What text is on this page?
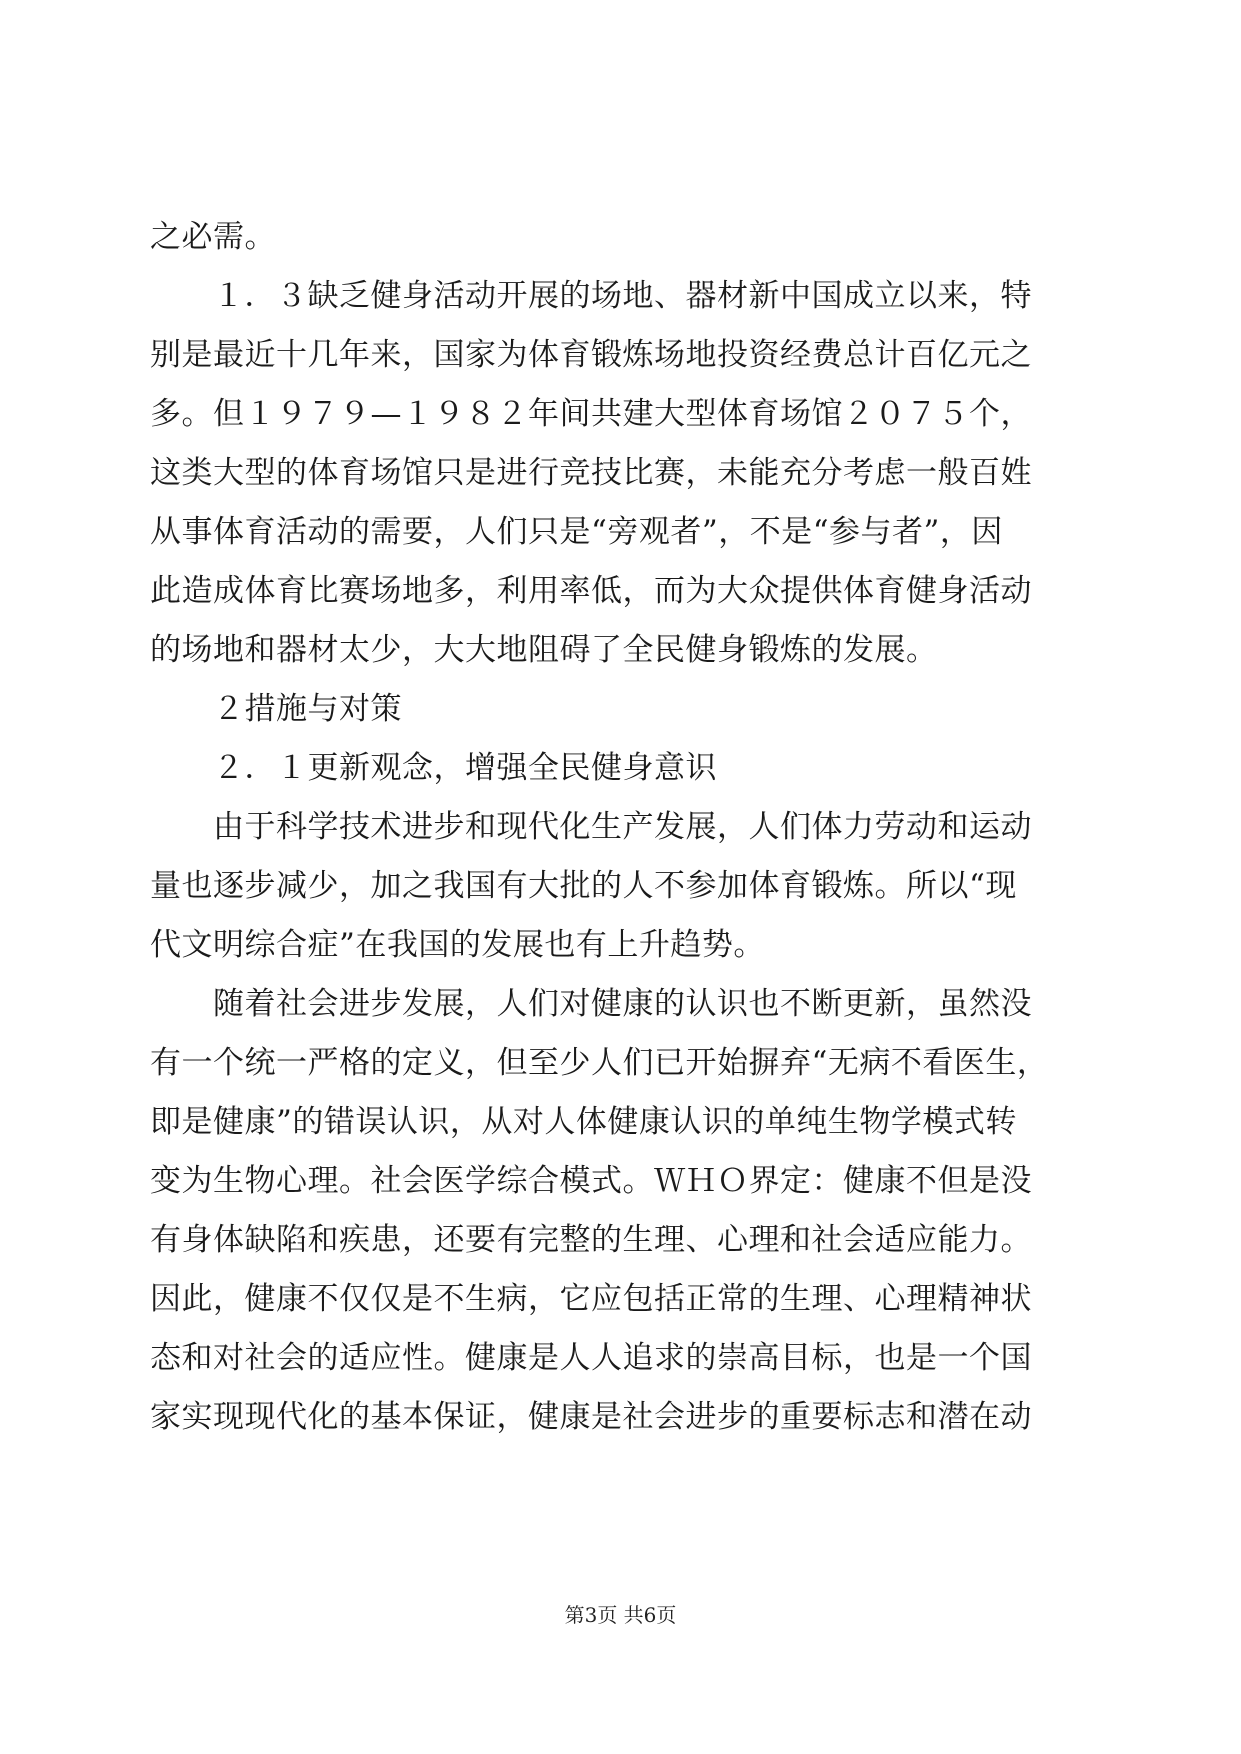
之必需。
　　１．３缺乏健身活动开展的场地、器材新中国成立以来，特
别是最近十几年来，国家为体育锻炼场地投资经费总计百亿元之
多。但１９７９—１９８２年间共建大型体育场馆２０７５个，
这类大型的体育场馆只是进行竞技比赛，未能充分考虑一般百姓
从事体育活动的需要，人们只是“旁观者”，不是“参与者”，因
此造成体育比赛场地多，利用率低，而为大众提供体育健身活动
的场地和器材太少，大大地阻碍了全民健身锻炼的发展。
　　２措施与对策
　　２．１更新观念，增强全民健身意识
　　由于科学技术进步和现代化生产发展，人们体力劳动和运动
量也逐步减少，加之我国有大批的人不参加体育锻炼。所以“现
代文明综合症”在我国的发展也有上升趋势。
　　随着社会进步发展，人们对健康的认识也不断更新，虽然没
有一个统一严格的定义，但至少人们已开始摒弃“无病不看医生，
即是健康”的错误认识，从对人体健康认识的单纯生物学模式转
变为生物心理。社会医学综合模式。ＷＨＯ界定：健康不但是没
有身体缺陷和疾患，还要有完整的生理、心理和社会适应能力。
因此，健康不仅仅是不生病，它应包括正常的生理、心理精神状
态和对社会的适应性。健康是人人追求的崇高目标，也是一个国
家实现现代化的基本保证，健康是社会进步的重要标志和潜在动
第3页 共6页
